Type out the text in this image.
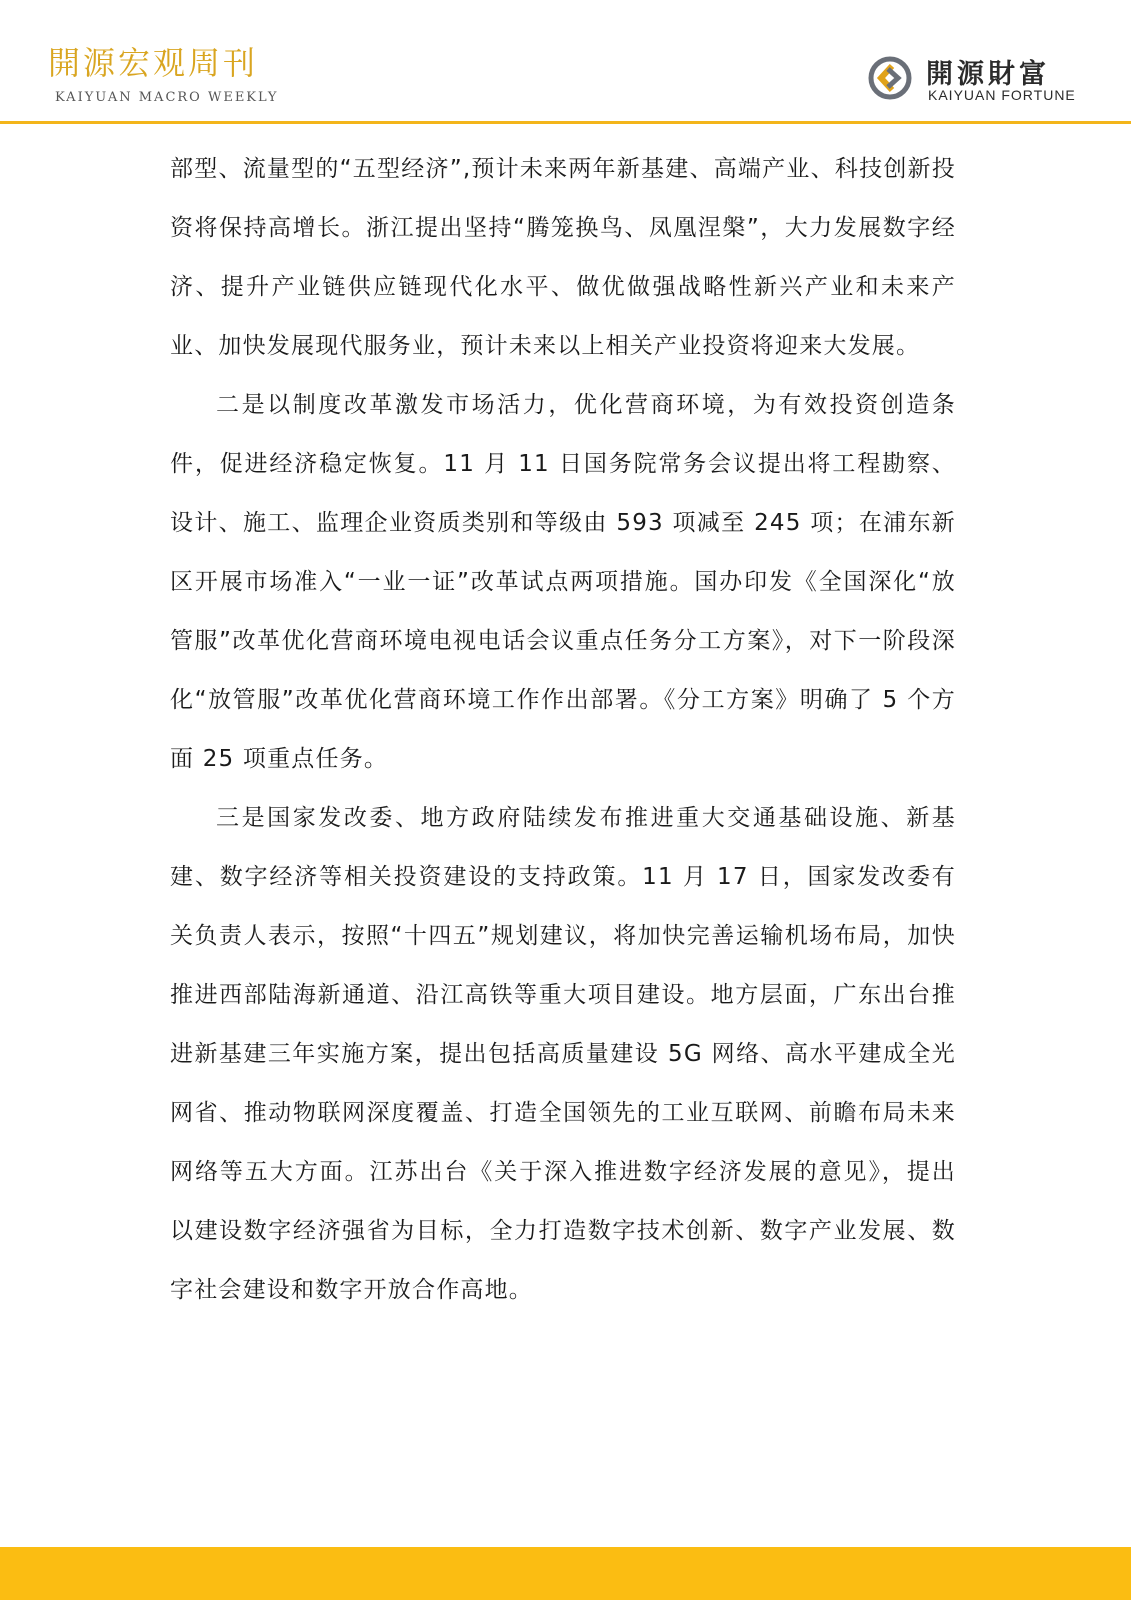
開源宏观周刊
KAIYUAN MACRO WEEKLY
開源財富
KAIYUAN FORTUNE

部型、流量型的“五型经济”,预计未来两年新基建、高端产业、科技创新投资将保持高增长。浙江提出坚持“腾笼换鸟、凤凰涅槃”，大力发展数字经济、提升产业链供应链现代化水平、做优做强战略性新兴产业和未来产业、加快发展现代服务业，预计未来以上相关产业投资将迎来大发展。

二是以制度改革激发市场活力，优化营商环境，为有效投资创造条件，促进经济稳定恢复。11 月 11 日国务院常务会议提出将工程勘察、设计、施工、监理企业资质类别和等级由 593 项减至 245 项；在浦东新区开展市场准入“一业一证”改革试点两项措施。国办印发《全国深化“放管服”改革优化营商环境电视电话会议重点任务分工方案》，对下一阶段深化“放管服”改革优化营商环境工作作出部署。《分工方案》明确了 5 个方面 25 项重点任务。

三是国家发改委、地方政府陆续发布推进重大交通基础设施、新基建、数字经济等相关投资建设的支持政策。11 月 17 日，国家发改委有关负责人表示，按照“十四五”规划建议，将加快完善运输机场布局，加快推进西部陆海新通道、沿江高铁等重大项目建设。地方层面，广东出台推进新基建三年实施方案，提出包括高质量建设 5G 网络、高水平建成全光网省、推动物联网深度覆盖、打造全国领先的工业互联网、前瞻布局未来网络等五大方面。江苏出台《关于深入推进数字经济发展的意见》，提出以建设数字经济强省为目标，全力打造数字技术创新、数字产业发展、数字社会建设和数字开放合作高地。
